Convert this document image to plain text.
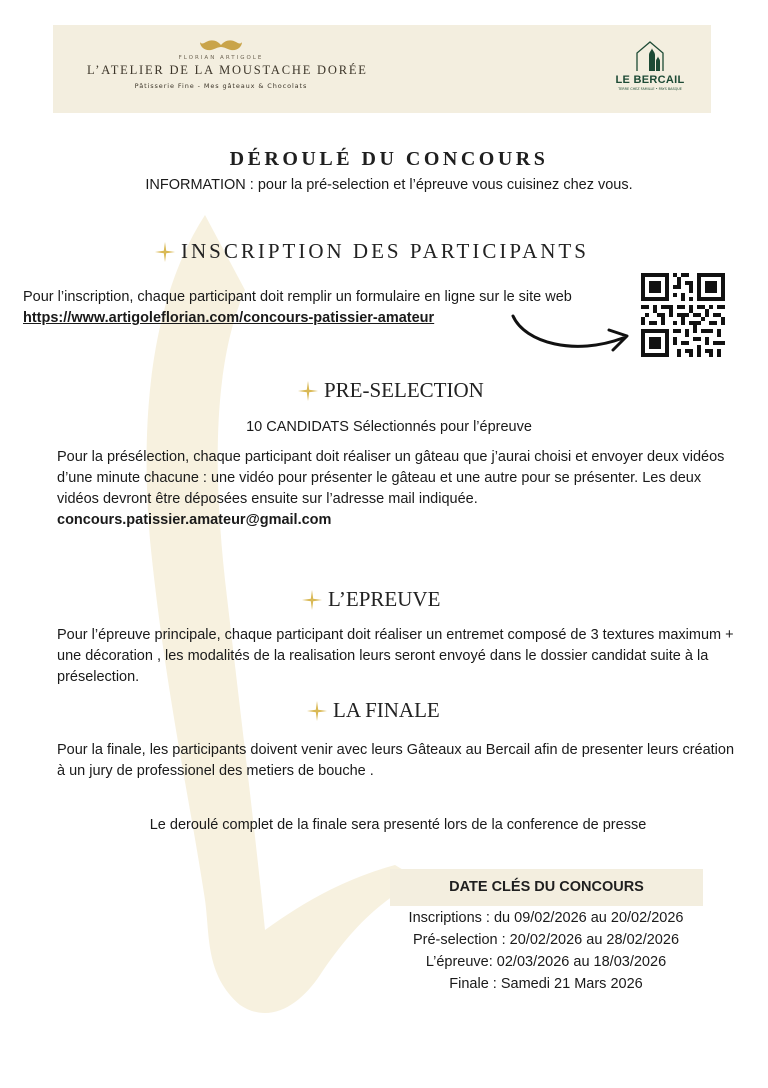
FLORIAN ARTIGOLE
L’ATELIER DE LA MOUSTACHE DORÉE
Pâtisserie Fine - Mes gâteaux & Chocolats	LE BERCAIL
TERRE CHEZ FAMILLE • PAYS BASQUE
DÉROULÉ DU CONCOURS
INFORMATION : pour la pré-selection et l’épreuve vous cuisinez chez vous.
INSCRIPTION DES PARTICIPANTS
Pour l’inscription, chaque participant doit remplir un formulaire en ligne sur le site web
https://www.artigoleflorian.com/concours-patissier-amateur
PRE-SELECTION
10 CANDIDATS Sélectionnés pour l’épreuve
Pour la présélection, chaque participant doit réaliser un gâteau que j’aurai choisi et envoyer deux vidéos d’une minute chacune : une vidéo pour présenter le gâteau et une autre pour se présenter. Les deux vidéos devront être déposées ensuite sur l’adresse mail indiquée.
concours.patissier.amateur@gmail.com
L’EPREUVE
Pour l’épreuve principale, chaque participant doit réaliser un entremet composé de 3 textures maximum + une décoration , les modalités de la realisation leurs seront envoyé dans le dossier candidat suite à la préselection.
LA FINALE
Pour la finale, les participants doivent venir avec leurs Gâteaux au Bercail afin de presenter leurs création à un jury de professionel des metiers de bouche .
Le deroulé complet de la finale sera presenté lors de la conference de presse
DATE CLÉS DU CONCOURS
Inscriptions : du 09/02/2026 au 20/02/2026
Pré-selection : 20/02/2026 au 28/02/2026
L’épreuve: 02/03/2026 au 18/03/2026
Finale : Samedi 21 Mars 2026
